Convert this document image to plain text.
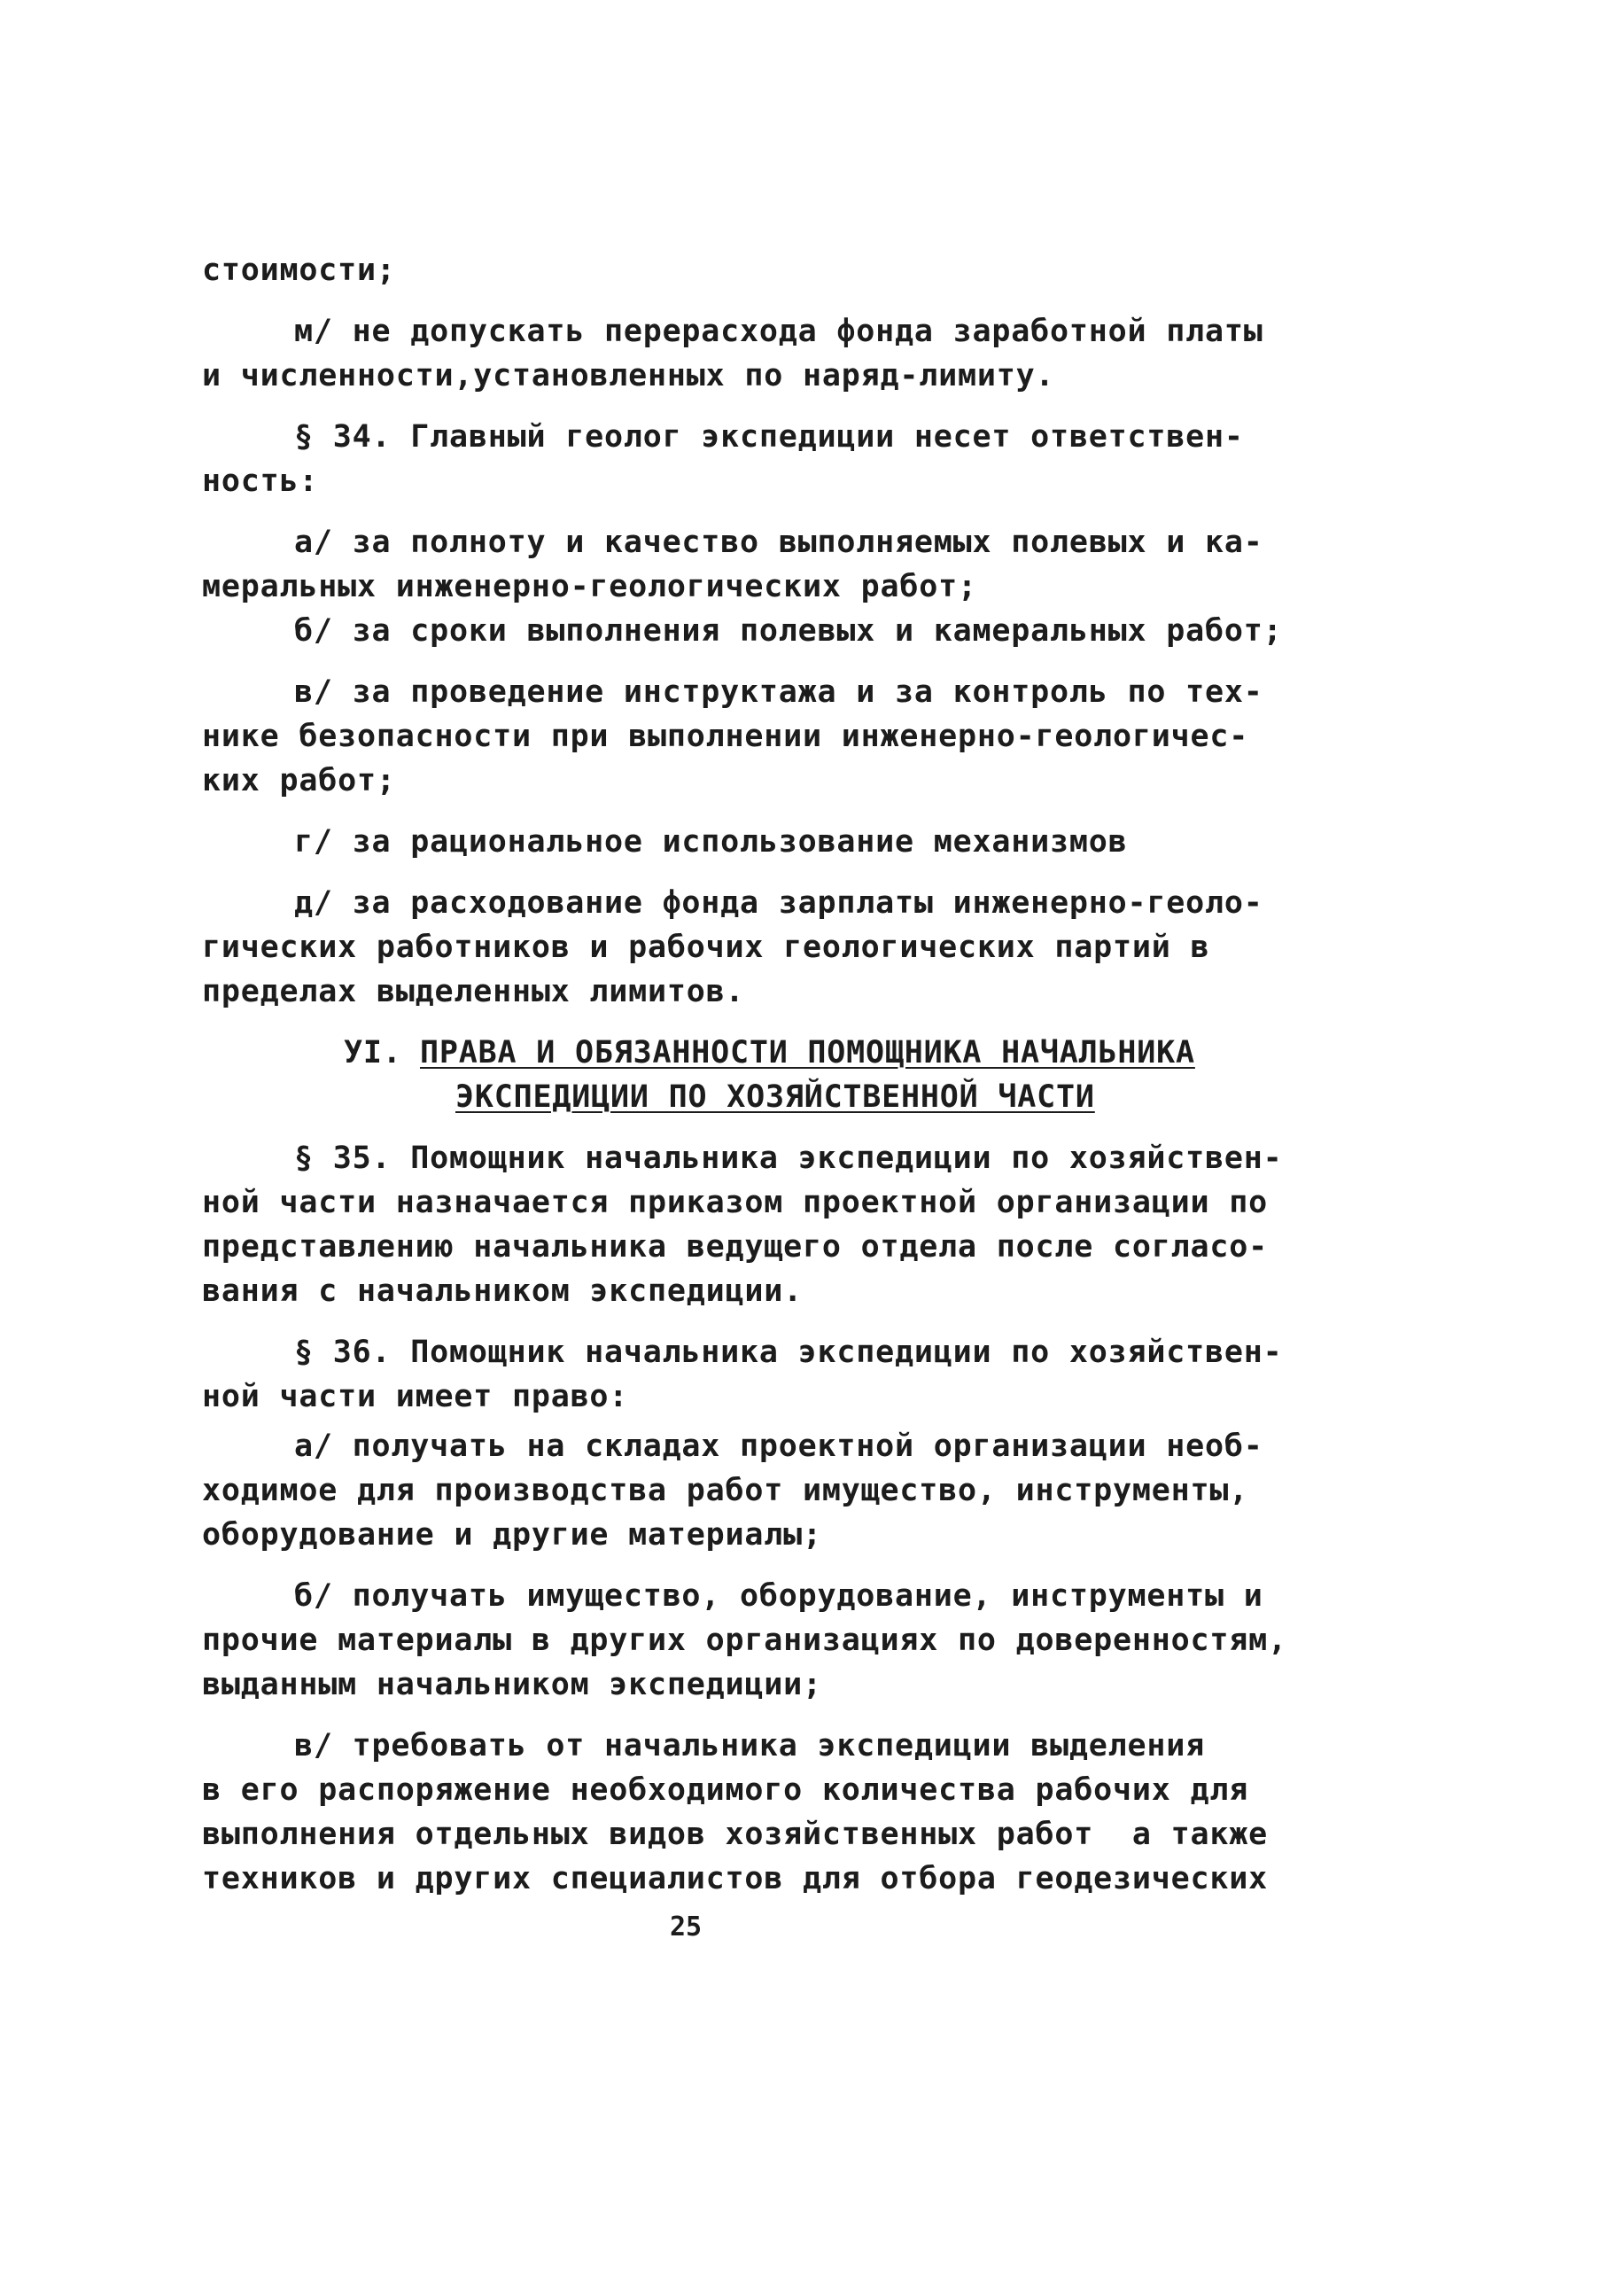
стоимости;
м/ не допускать перерасхода фонда заработной платы
и численности,установленных по наряд-лимиту.
§ 34. Главный геолог экспедиции несет ответствен-
ность:
а/ за полноту и качество выполняемых полевых и ка-
меральных инженерно-геологических работ;
б/ за сроки выполнения полевых и камеральных работ;
в/ за проведение инструктажа и за контроль по тех-
нике безопасности при выполнении инженерно-геологичес-
ких работ;
г/ за рациональное использование механизмов
д/ за расходование фонда зарплаты инженерно-геоло-
гических работников и рабочих геологических партий в
пределах выделенных лимитов.
УI. ПРАВА И ОБЯЗАННОСТИ ПОМОЩНИКА НАЧАЛЬНИКА
ЭКСПЕДИЦИИ ПО ХОЗЯЙСТВЕННОЙ ЧАСТИ
§ 35. Помощник начальника экспедиции по хозяйствен-
ной части назначается приказом проектной организации по
представлению начальника ведущего отдела после согласо-
вания с начальником экспедиции.
§ 36. Помощник начальника экспедиции по хозяйствен-
ной части имеет право:
а/ получать на складах проектной организации необ-
ходимое для производства работ имущество, инструменты,
оборудование и другие материалы;
б/ получать имущество, оборудование, инструменты и
прочие материалы в других организациях по доверенностям,
выданным начальником экспедиции;
в/ требовать от начальника экспедиции выделения
в его распоряжение необходимого количества рабочих для
выполнения отдельных видов хозяйственных работ  а также
техников и других специалистов для отбора геодезических
25
